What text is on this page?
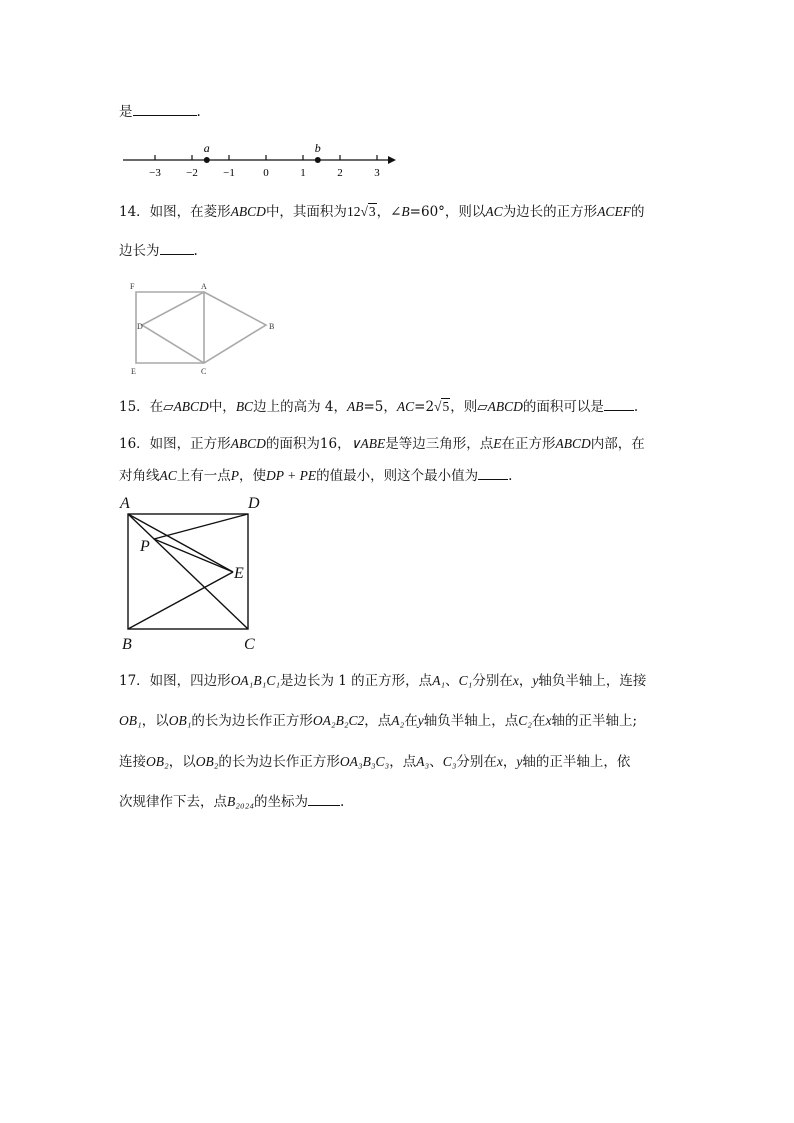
是	.
−3 −2 −1	0	1	2	3
a	b
14．如图，在菱形ABCD中，其面积为12√3，∠B=60°，则以AC为边长的正方形ACEF的
边长为	.
F	A
D	B
E	C
15．在▱ABCD中，BC边上的高为 4，AB=5，AC=2√5，则▱ABCD的面积可以是 .
16．如图，正方形ABCD的面积为16，∨ABE是等边三角形，点E在正方形ABCD内部，在
对角线AC上有一点P，使DP + PE的值最小，则这个最小值为 .
A	D
P
E
B	C
17．如图，四边形OA₁B₁C₁是边长为 1 的正方形，点A₁、C₁分别在x，y轴负半轴上，连接
OB₁，以OB₁的长为边长作正方形OA₂B₂C2，点A₂在y轴负半轴上，点C₂在x轴的正半轴上;
连接OB₂，以OB₂的长为边长作正方形OA₃B₃C₃，点A₃、C₃分别在x，y轴的正半轴上，依
次规律作下去，点B₂₀₂₄的坐标为 .
